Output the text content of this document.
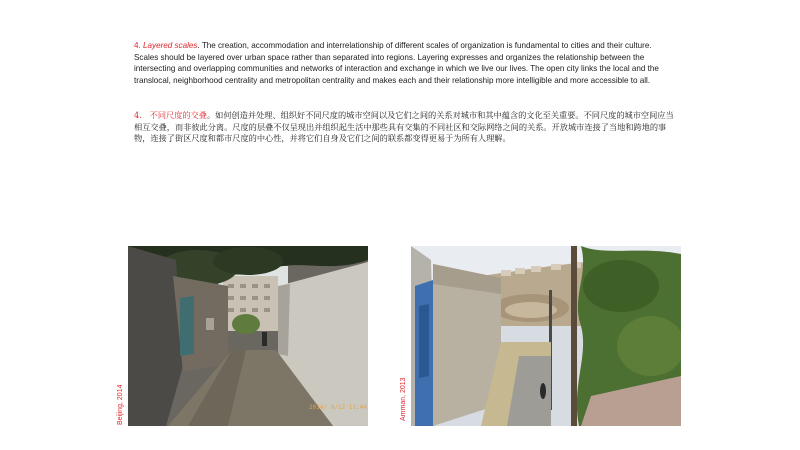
4. Layered scales. The creation, accommodation and interrelationship of different scales of organization is fundamental to cities and their culture. Scales should be layered over urban space rather than separated into regions. Layering expresses and organizes the relationship between the intersecting and overlapping communities and networks of interaction and exchange in which we live our lives. The open city links the local and the translocal, neighborhood centrality and metropolitan centrality and makes each and their relationship more intelligible and more accessible to all.
4. 不同尺度的交叠。如何创造并处理、组织好不同尺度的城市空间以及它们之间的关系对城市和其中蕴含的文化至关重要。不同尺度的城市空间应当相互交叠，而非彼此分离。尺度的层叠不仅呈现出并组织起生活中那些具有交集的不同社区和交际网络之间的关系。开放城市连接了当地和跨地的事物，连接了街区尺度和都市尺度的中心性，并将它们自身及它们之间的联系都变得更易于为所有人理解。
2014/ 9/12 11:44
Beijing, 2014	Amman, 2013
